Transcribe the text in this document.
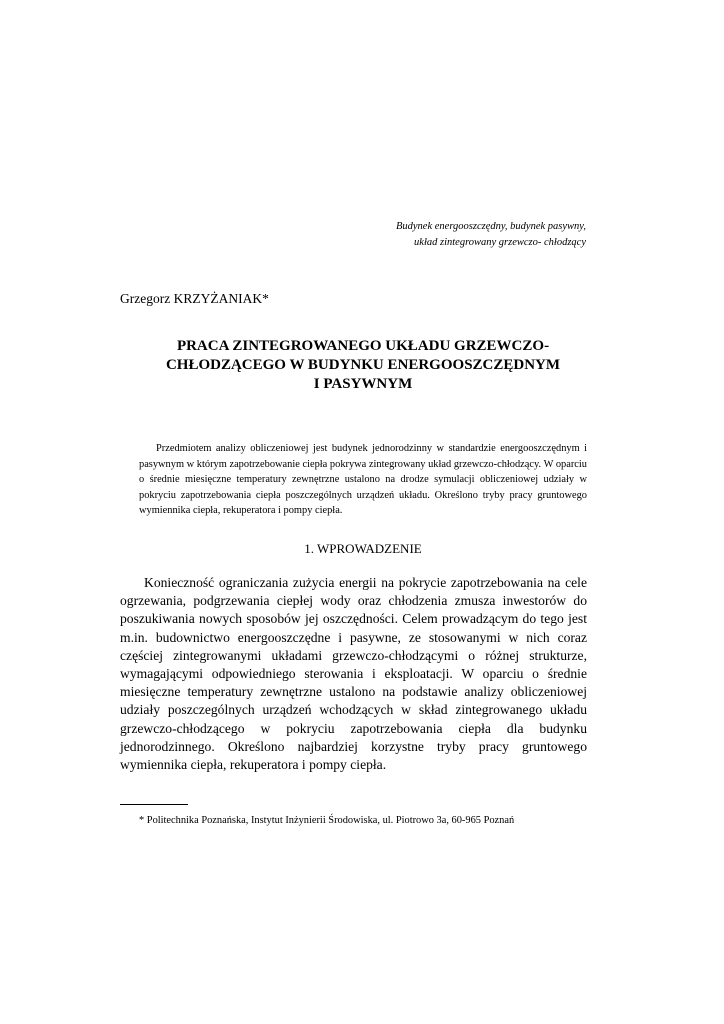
Budynek energooszczędny, budynek pasywny,
układ zintegrowany grzewczo- chłodzący
Grzegorz KRZYŻANIAK*
PRACA ZINTEGROWANEGO UKŁADU GRZEWCZO-
CHŁODZĄCEGO W BUDYNKU ENERGOOSZCZĘDNYM
I PASYWNYM

Przedmiotem analizy obliczeniowej jest budynek jednorodzinny w standardzie energooszczędnym i pasywnym w którym zapotrzebowanie ciepła pokrywa zintegrowany układ grzewczo-chłodzący. W oparciu o średnie miesięczne temperatury zewnętrzne ustalono na drodze symulacji obliczeniowej udziały w pokryciu zapotrzebowania ciepła poszczególnych urządzeń układu. Określono tryby pracy gruntowego wymiennika ciepła, rekuperatora i pompy ciepła.

1. WPROWADZENIE

Konieczność ograniczania zużycia energii na pokrycie zapotrzebowania na cele ogrzewania, podgrzewania ciepłej wody oraz chłodzenia zmusza inwestorów do poszukiwania nowych sposobów jej oszczędności. Celem prowadzącym do tego jest m.in. budownictwo energooszczędne i pasywne, ze stosowanymi w nich coraz częściej zintegrowanymi układami grzewczo-chłodzącymi o różnej strukturze, wymagającymi odpowiedniego sterowania i eksploatacji. W oparciu o średnie miesięczne temperatury zewnętrzne ustalono na podstawie analizy obliczeniowej udziały poszczególnych urządzeń wchodzących w skład zintegrowanego układu grzewczo-chłodzącego w pokryciu zapotrzebowania ciepła dla budynku jednorodzinnego. Określono najbardziej korzystne tryby pracy gruntowego wymiennika ciepła, rekuperatora i pompy ciepła.

* Politechnika Poznańska, Instytut Inżynierii Środowiska, ul. Piotrowo 3a, 60-965 Poznań
